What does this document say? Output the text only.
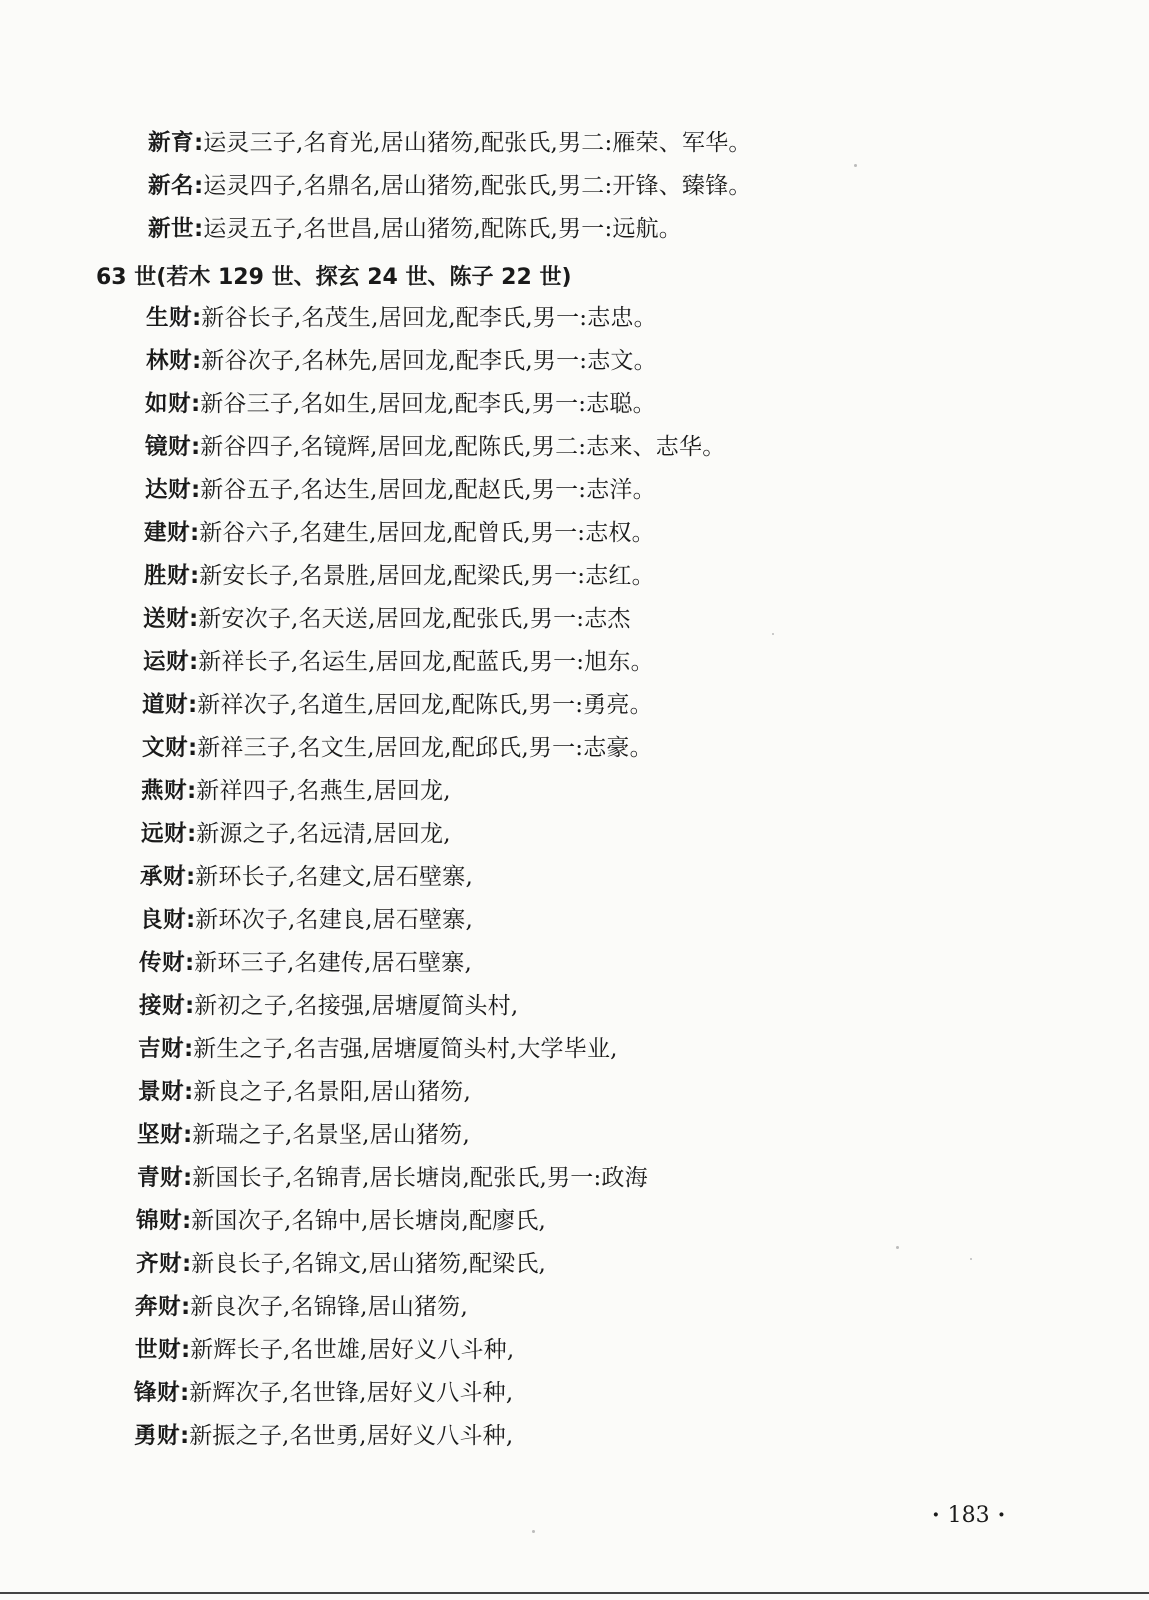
新育:运灵三子,名育光,居山猪笏,配张氏,男二:雁荣、军华。
新名:运灵四子,名鼎名,居山猪笏,配张氏,男二:开锋、臻锋。
新世:运灵五子,名世昌,居山猪笏,配陈氏,男一:远航。
63 世(若木 129 世、探玄 24 世、陈子 22 世)
生财:新谷长子,名茂生,居回龙,配李氏,男一:志忠。
林财:新谷次子,名林先,居回龙,配李氏,男一:志文。
如财:新谷三子,名如生,居回龙,配李氏,男一:志聪。
镜财:新谷四子,名镜辉,居回龙,配陈氏,男二:志来、志华。
达财:新谷五子,名达生,居回龙,配赵氏,男一:志洋。
建财:新谷六子,名建生,居回龙,配曾氏,男一:志权。
胜财:新安长子,名景胜,居回龙,配梁氏,男一:志红。
送财:新安次子,名天送,居回龙,配张氏,男一:志杰
运财:新祥长子,名运生,居回龙,配蓝氏,男一:旭东。
道财:新祥次子,名道生,居回龙,配陈氏,男一:勇亮。
文财:新祥三子,名文生,居回龙,配邱氏,男一:志豪。
燕财:新祥四子,名燕生,居回龙,
远财:新源之子,名远清,居回龙,
承财:新环长子,名建文,居石壁寨,
良财:新环次子,名建良,居石壁寨,
传财:新环三子,名建传,居石壁寨,
接财:新初之子,名接强,居塘厦简头村,
吉财:新生之子,名吉强,居塘厦简头村,大学毕业,
景财:新良之子,名景阳,居山猪笏,
坚财:新瑞之子,名景坚,居山猪笏,
青财:新国长子,名锦青,居长塘岗,配张氏,男一:政海
锦财:新国次子,名锦中,居长塘岗,配廖氏,
齐财:新良长子,名锦文,居山猪笏,配梁氏,
奔财:新良次子,名锦锋,居山猪笏,
世财:新辉长子,名世雄,居好义八斗种,
锋财:新辉次子,名世锋,居好义八斗种,
勇财:新振之子,名世勇,居好义八斗种,
· 183 ·
